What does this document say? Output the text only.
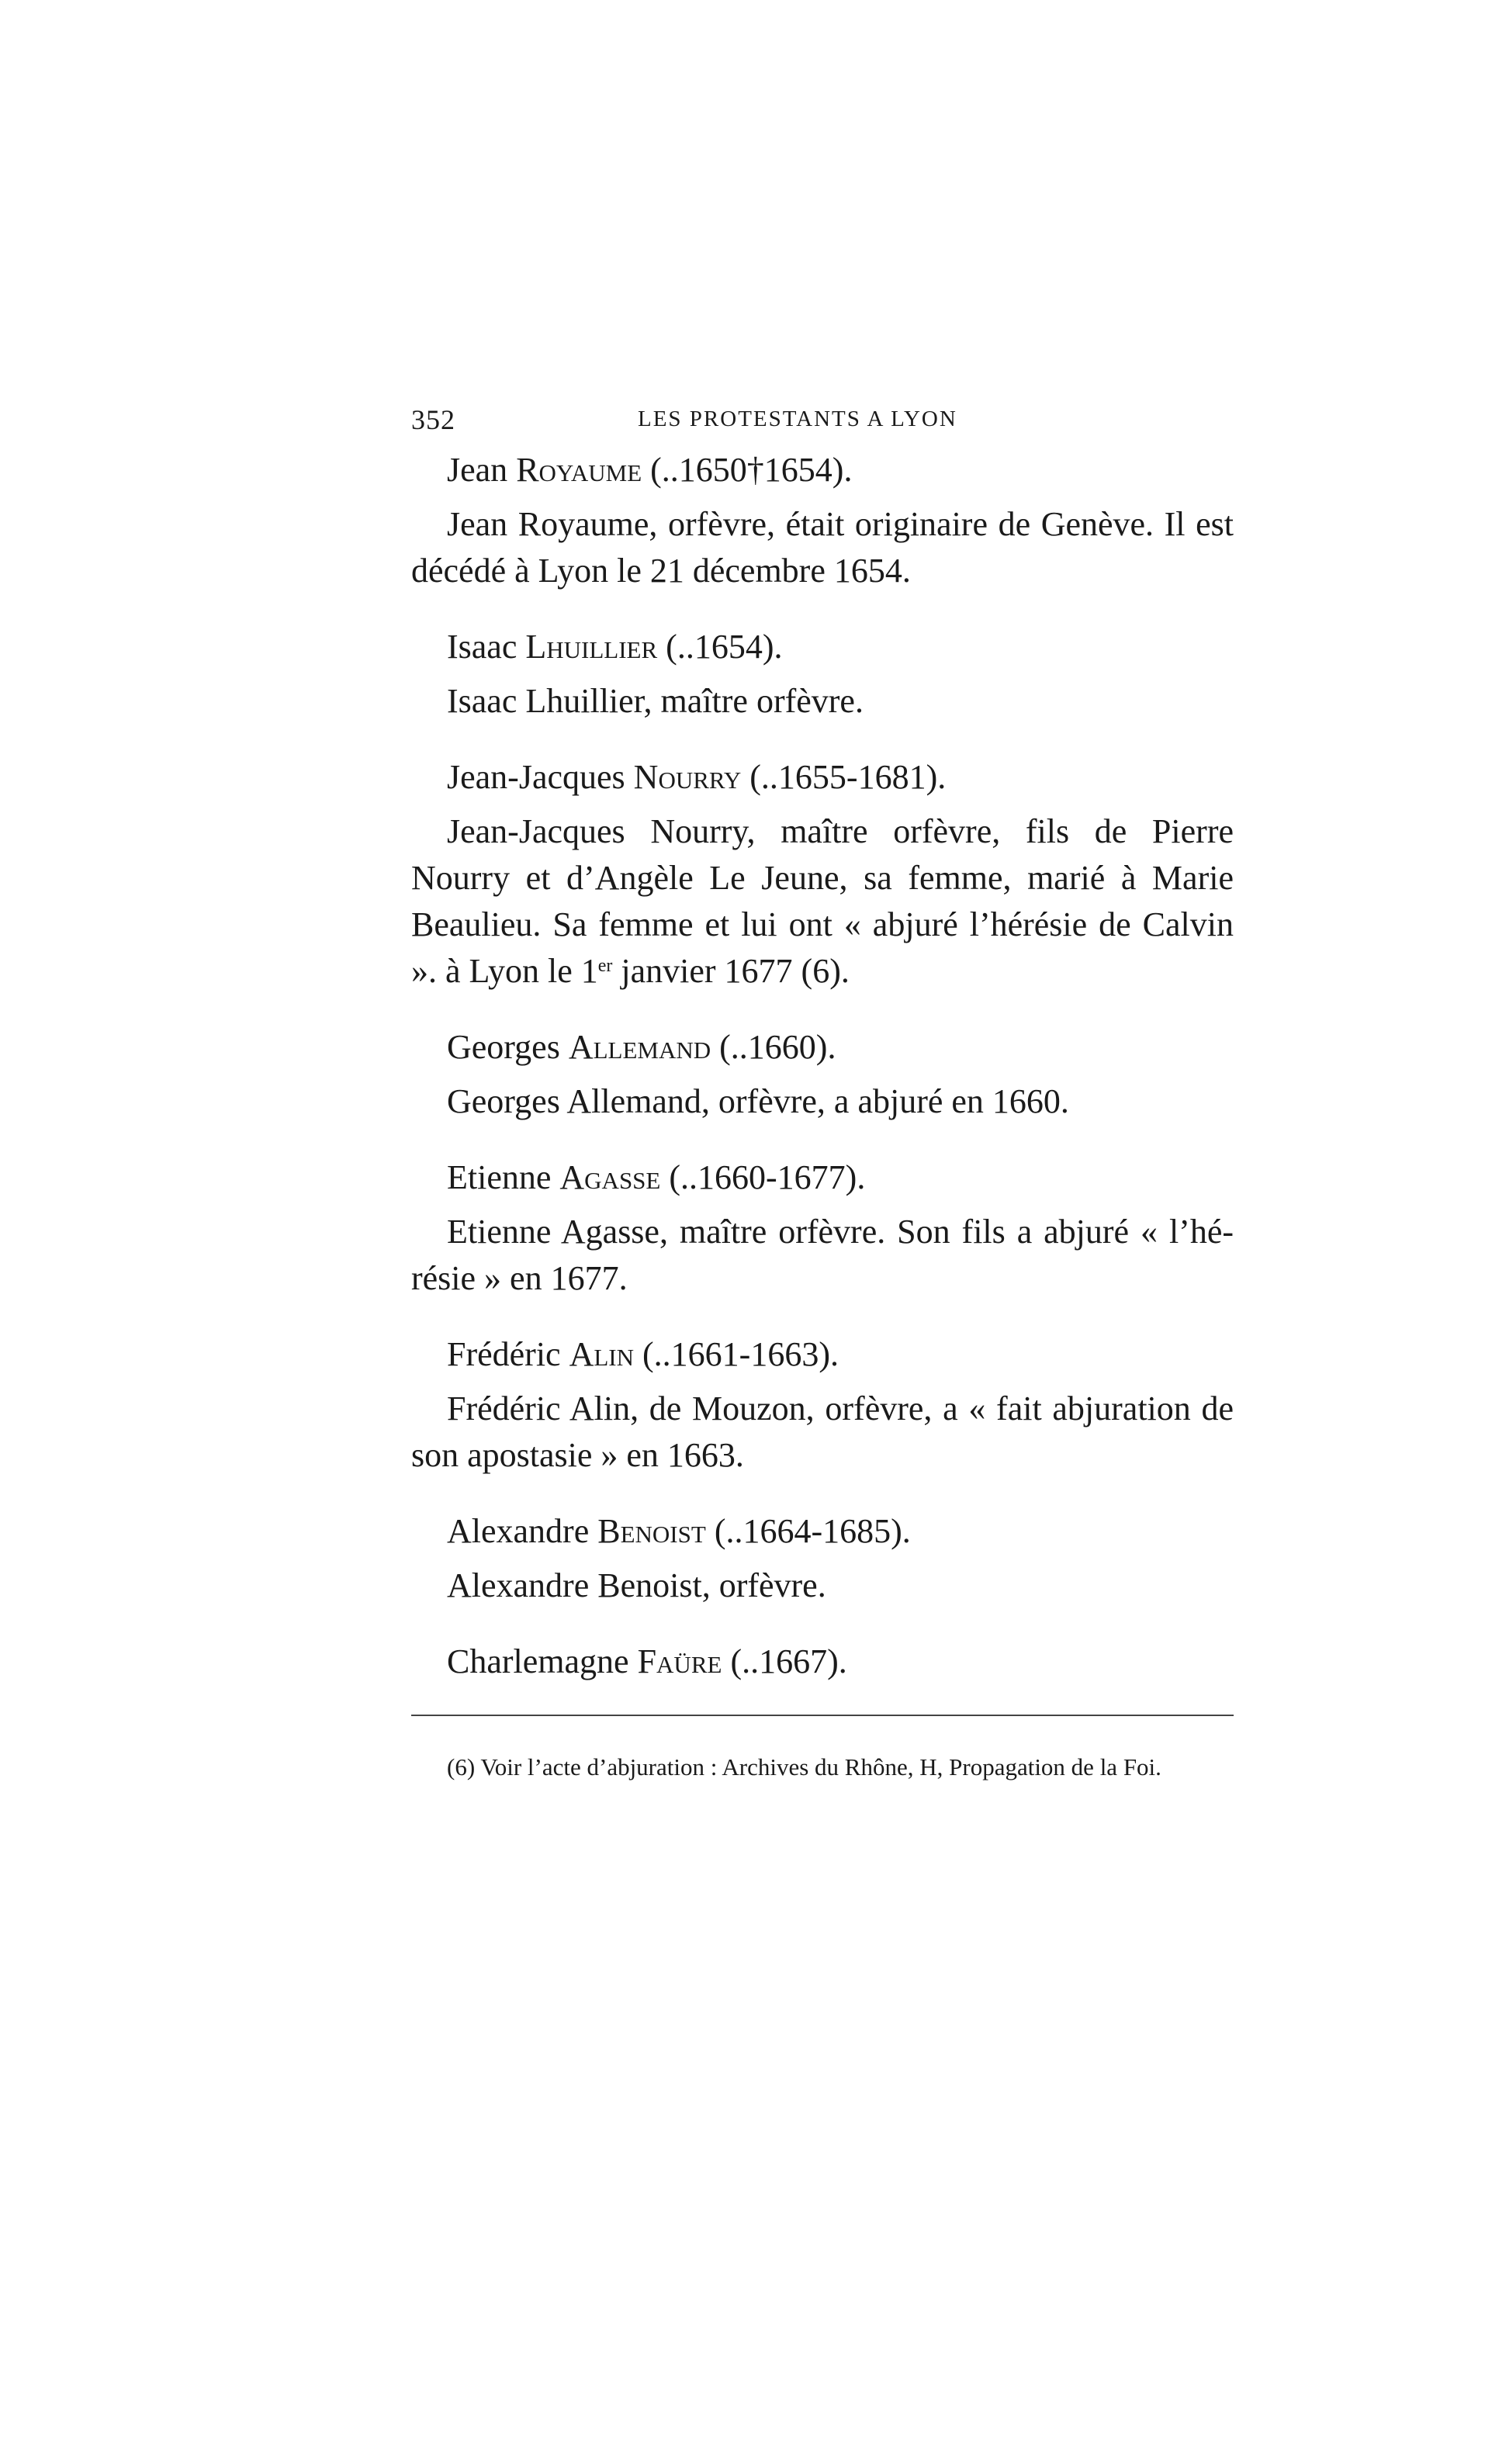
352	LES PROTESTANTS A LYON
Jean Royaume (..1650†1654).

Jean Royaume, orfèvre, était originaire de Genève. Il est décédé à Lyon le 21 décembre 1654.

Isaac Lhuillier (..1654).

Isaac Lhuillier, maître orfèvre.

Jean-Jacques Nourry (..1655-1681).

Jean-Jacques Nourry, maître orfèvre, fils de Pierre Nourry et d’Angèle Le Jeune, sa femme, marié à Marie Beaulieu. Sa femme et lui ont « abjuré l’hérésie de Calvin ». à Lyon le 1er janvier 1677 (6).

Georges Allemand (..1660).

Georges Allemand, orfèvre, a abjuré en 1660.

Etienne Agasse (..1660-1677).

Etienne Agasse, maître orfèvre. Son fils a abjuré « l’hé-résie » en 1677.

Frédéric Alin (..1661-1663).

Frédéric Alin, de Mouzon, orfèvre, a « fait abjuration de son apostasie » en 1663.

Alexandre Benoist (..1664-1685).

Alexandre Benoist, orfèvre.

Charlemagne Faüre (..1667).

(6) Voir l’acte d’abjuration : Archives du Rhône, H, Propagation de la Foi.
